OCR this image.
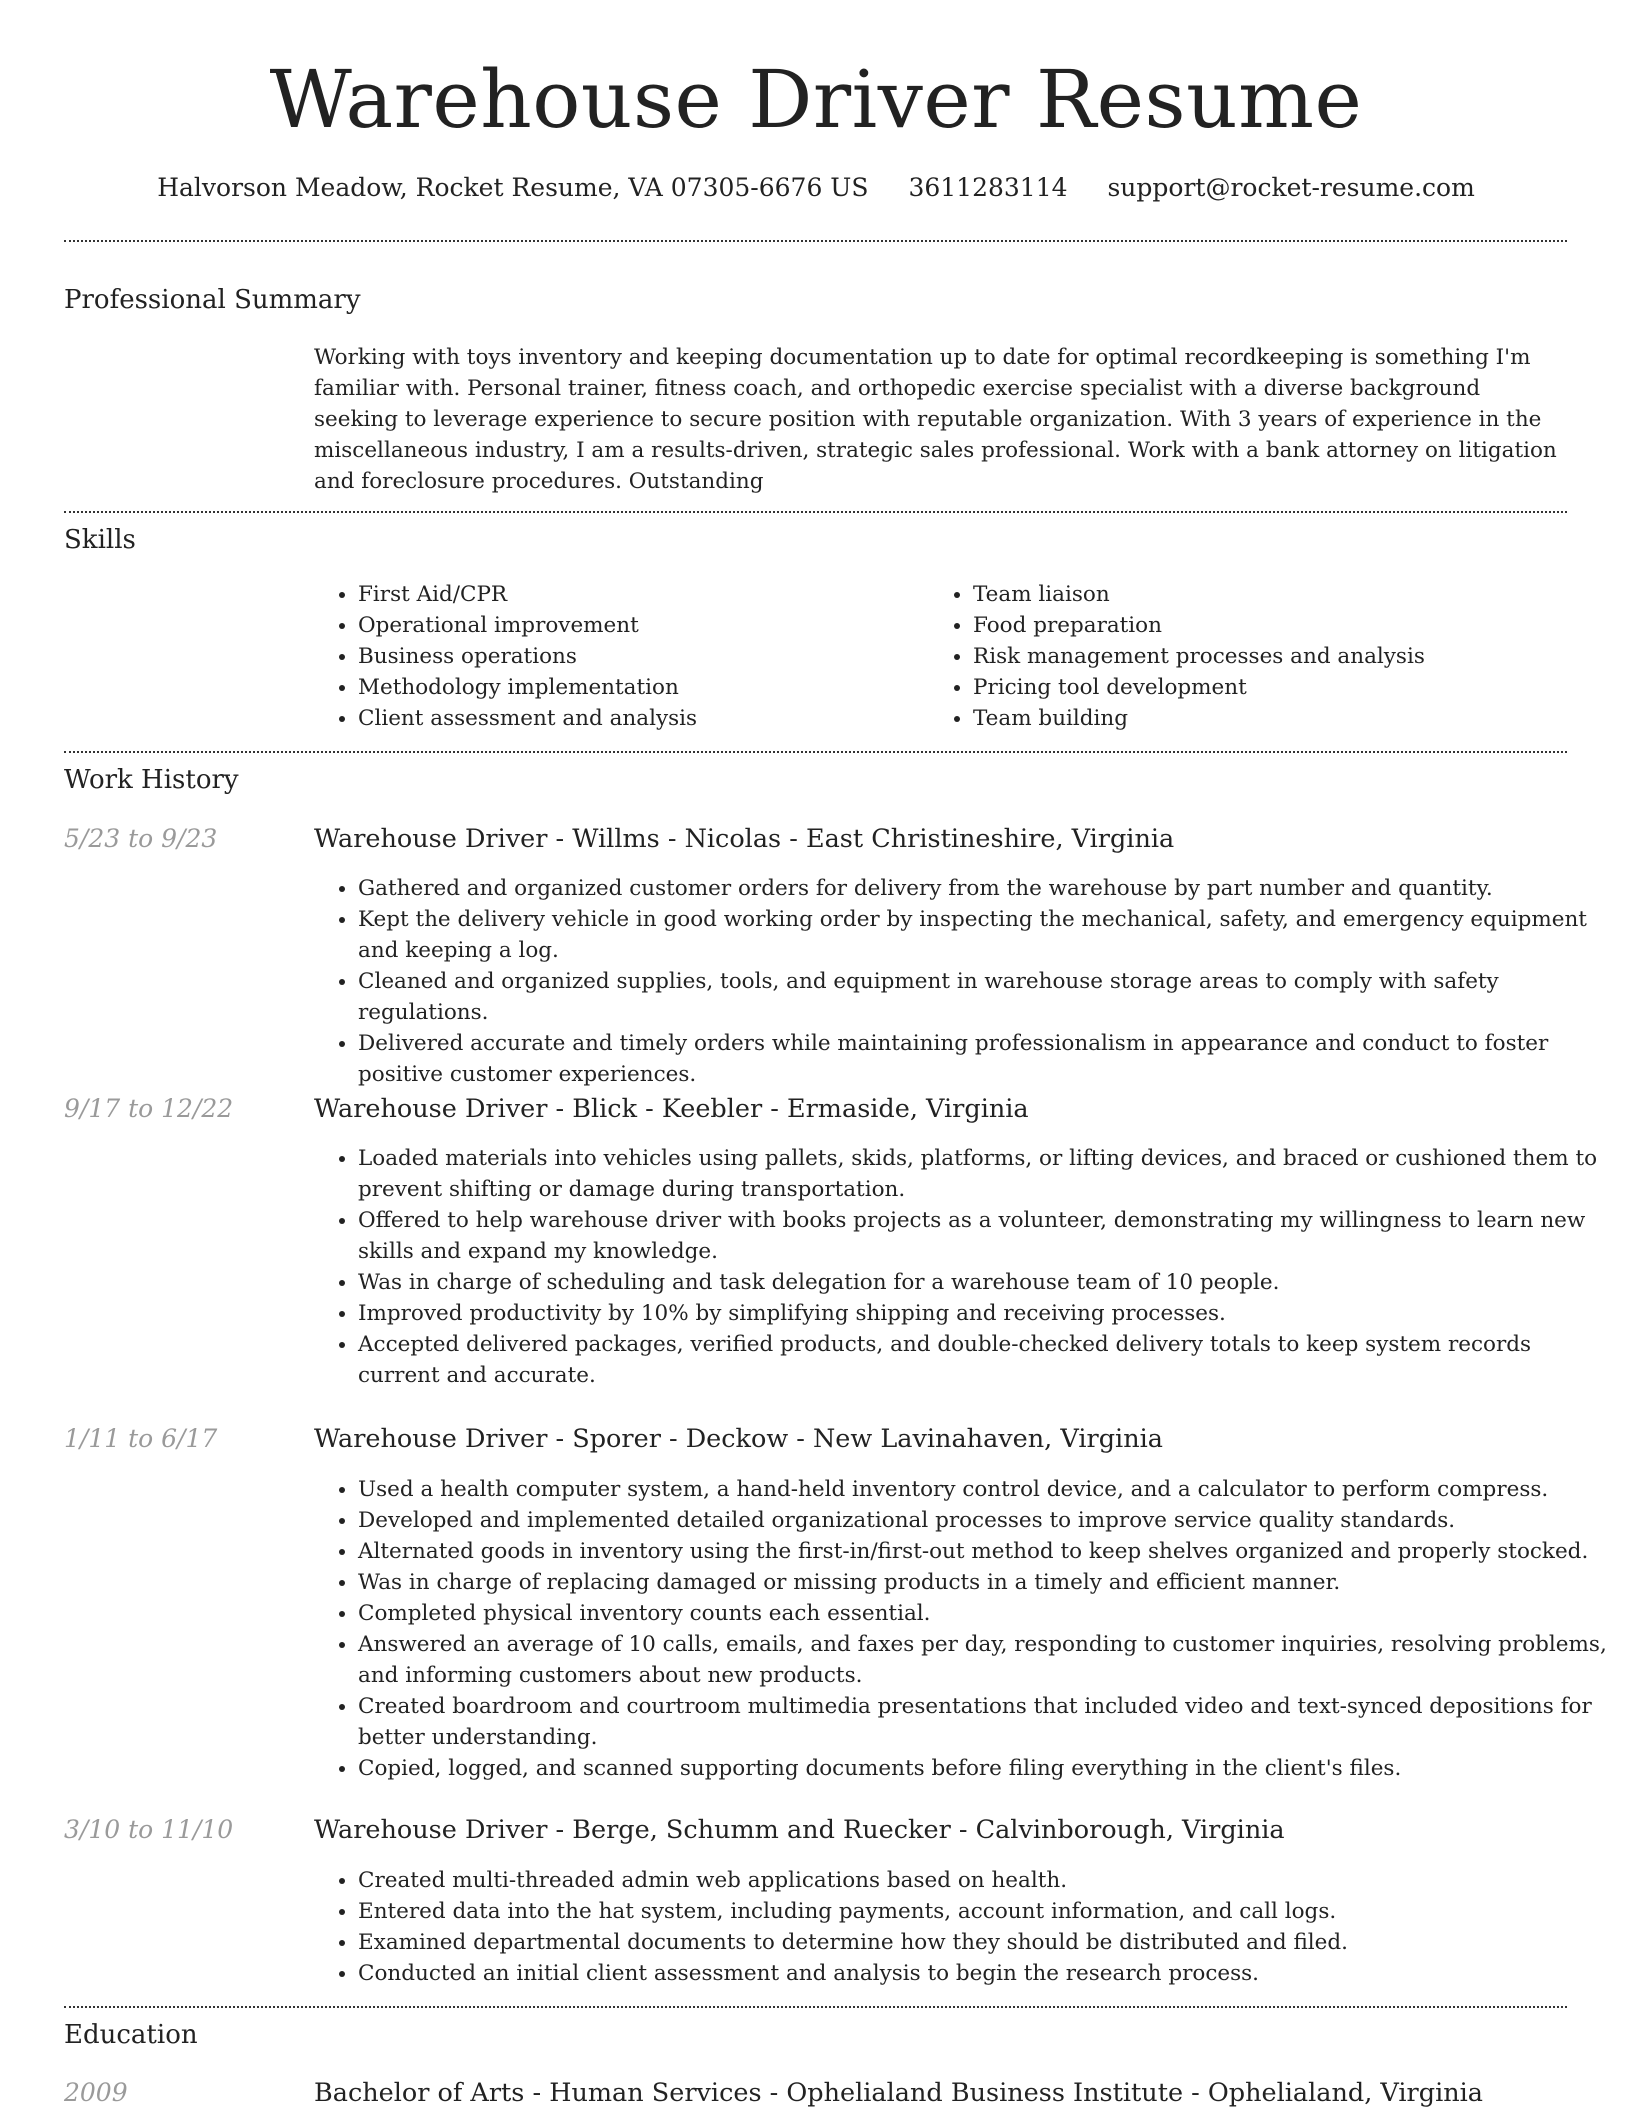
Warehouse Driver Resume
Halvorson Meadow, Rocket Resume, VA 07305-6676 US 3611283114 support@rocket-resume.com
Professional Summary

Working with toys inventory and keeping documentation up to date for optimal recordkeeping is something I'm familiar with. Personal trainer, fitness coach, and orthopedic exercise specialist with a diverse background seeking to leverage experience to secure position with reputable organization. With 3 years of experience in the miscellaneous industry, I am a results-driven, strategic sales professional. Work with a bank attorney on litigation and foreclosure procedures. Outstanding

Skills
• First Aid/CPR
• Operational improvement
• Business operations
• Methodology implementation
• Client assessment and analysis
• Team liaison
• Food preparation
• Risk management processes and analysis
• Pricing tool development
• Team building
Work History
5/23 to 9/23	Warehouse Driver - Willms - Nicolas - East Christineshire, Virginia
• Gathered and organized customer orders for delivery from the warehouse by part number and quantity.
• Kept the delivery vehicle in good working order by inspecting the mechanical, safety, and emergency equipment and keeping a log.
• Cleaned and organized supplies, tools, and equipment in warehouse storage areas to comply with safety regulations.
• Delivered accurate and timely orders while maintaining professionalism in appearance and conduct to foster positive customer experiences.
9/17 to 12/22	Warehouse Driver - Blick - Keebler - Ermaside, Virginia
• Loaded materials into vehicles using pallets, skids, platforms, or lifting devices, and braced or cushioned them to prevent shifting or damage during transportation.
• Offered to help warehouse driver with books projects as a volunteer, demonstrating my willingness to learn new skills and expand my knowledge.
• Was in charge of scheduling and task delegation for a warehouse team of 10 people.
• Improved productivity by 10% by simplifying shipping and receiving processes.
• Accepted delivered packages, verified products, and double-checked delivery totals to keep system records current and accurate.
1/11 to 6/17	Warehouse Driver - Sporer - Deckow - New Lavinahaven, Virginia
• Used a health computer system, a hand-held inventory control device, and a calculator to perform compress.
• Developed and implemented detailed organizational processes to improve service quality standards.
• Alternated goods in inventory using the first-in/first-out method to keep shelves organized and properly stocked.
• Was in charge of replacing damaged or missing products in a timely and efficient manner.
• Completed physical inventory counts each essential.
• Answered an average of 10 calls, emails, and faxes per day, responding to customer inquiries, resolving problems, and informing customers about new products.
• Created boardroom and courtroom multimedia presentations that included video and text-synced depositions for better understanding.
• Copied, logged, and scanned supporting documents before filing everything in the client's files.
3/10 to 11/10	Warehouse Driver - Berge, Schumm and Ruecker - Calvinborough, Virginia
• Created multi-threaded admin web applications based on health.
• Entered data into the hat system, including payments, account information, and call logs.
• Examined departmental documents to determine how they should be distributed and filed.
• Conducted an initial client assessment and analysis to begin the research process.
Education
2009	Bachelor of Arts - Human Services - Ophelialand Business Institute - Ophelialand, Virginia
